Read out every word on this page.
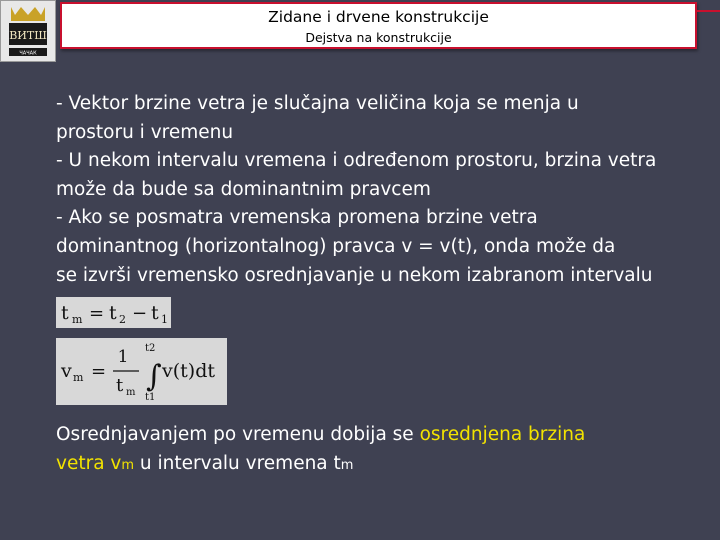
ВИТШ
ЧАЧАК
Zidane i drvene konstrukcije
Dejstva na konstrukcije
- Vektor brzine vetra je slučajna veličina koja se menja u
prostoru i vremenu
- U nekom intervalu vremena i određenom prostoru, brzina vetra
može da bude sa dominantnim pravcem
- Ako se posmatra vremenska promena brzine vetra
dominantnog (horizontalnog) pravca v = v(t), onda može da
se izvrši vremensko osrednjavanje u nekom izabranom intervalu
t m = t 2 − t 1
v m =
1
t m
t2
∫
t1
v(t)dt
Osrednjavanjem po vremenu dobija se osrednjena brzina
vetra vm u intervalu vremena tm
